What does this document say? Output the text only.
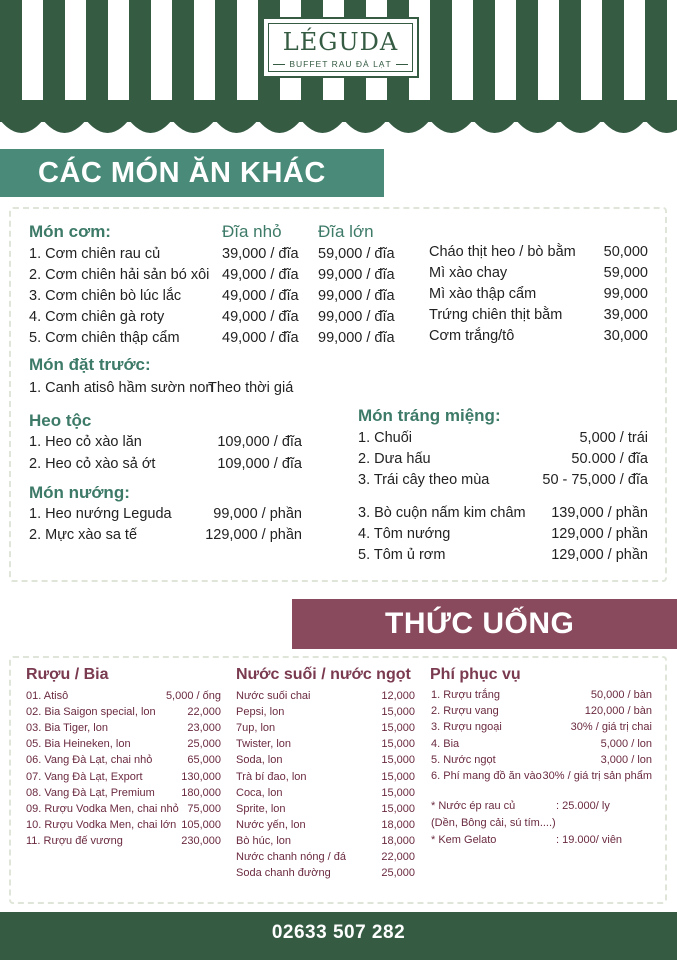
LÉGUDA
BUFFET RAU ĐÀ LẠT
CÁC MÓN ĂN KHÁC
Món cơm:	Đĩa nhỏ Đĩa lớn
1. Cơm chiên rau củ	39,000 / đĩa 59,000 / đĩa
2. Cơm chiên hải sản bó xôi 49,000 / đĩa 99,000 / đĩa
3. Cơm chiên bò lúc lắc	49,000 / đĩa 99,000 / đĩa
4. Cơm chiên gà roty	49,000 / đĩa 99,000 / đĩa
5. Cơm chiên thập cẩm	49,000 / đĩa 99,000 / đĩa
Cháo thịt heo / bò bằm	50,000
Mì xào chay	59,000
Mì xào thập cẩm	99,000
Trứng chiên thịt bằm	39,000
Cơm trắng/tô	30,000
Món đặt trước:
1. Canh atisô hầm sườn non
Theo thời giá
Heo tộc
1. Heo cỏ xào lăn	109,000 / đĩa
2. Heo cỏ xào sả ớt	109,000 / đĩa
Món nướng:
1. Heo nướng Leguda	99,000 / phần
2. Mực xào sa tế	129,000 / phần
Món tráng miệng:
1. Chuối	5,000 / trái
2. Dưa hấu	50.000 / đĩa
3. Trái cây theo mùa	50 - 75,000 / đĩa
3. Bò cuộn nấm kim châm	139,000 / phần
4. Tôm nướng	129,000 / phần
5. Tôm ủ rơm	129,000 / phần
THỨC UỐNG
Rượu / Bia	Nước suối / nước ngọt Phí phục vụ
01. Atisô	5,000 / ống
02. Bia Saigon special, lon	22,000
03. Bia Tiger, lon	23,000
05. Bia Heineken, lon	25,000
06. Vang Đà Lạt, chai nhỏ	65,000
07. Vang Đà Lạt, Export	130,000
08. Vang Đà Lạt, Premium	180,000
09. Rượu Vodka Men, chai nhỏ 75,000
10. Rượu Vodka Men, chai lớn 105,000
11. Rượu đế vương	230,000
Nước suối chai	12,000
Pepsi, lon	15,000
7up, lon	15,000
Twister, lon	15,000
Soda, lon	15,000
Trà bí đao, lon	15,000
Coca, lon	15,000
Sprite, lon	15,000
Nước yến, lon	18,000
Bò húc, lon	18,000
Nước chanh nóng / đá	22,000
Soda chanh đường	25,000
1. Rượu trắng	50,000 / bàn
2. Rượu vang	120,000 / bàn
3. Rượu ngoại	30% / giá trị chai
4. Bia	5,000 / lon
5. Nước ngọt	3,000 / lon
6. Phí mang đồ ăn vào 30% / giá trị sản phẩm
* Nước ép rau củ	: 25.000/ ly
(Dền, Bông cải, sú tím....)
* Kem Gelato	: 19.000/ viên
02633 507 282
